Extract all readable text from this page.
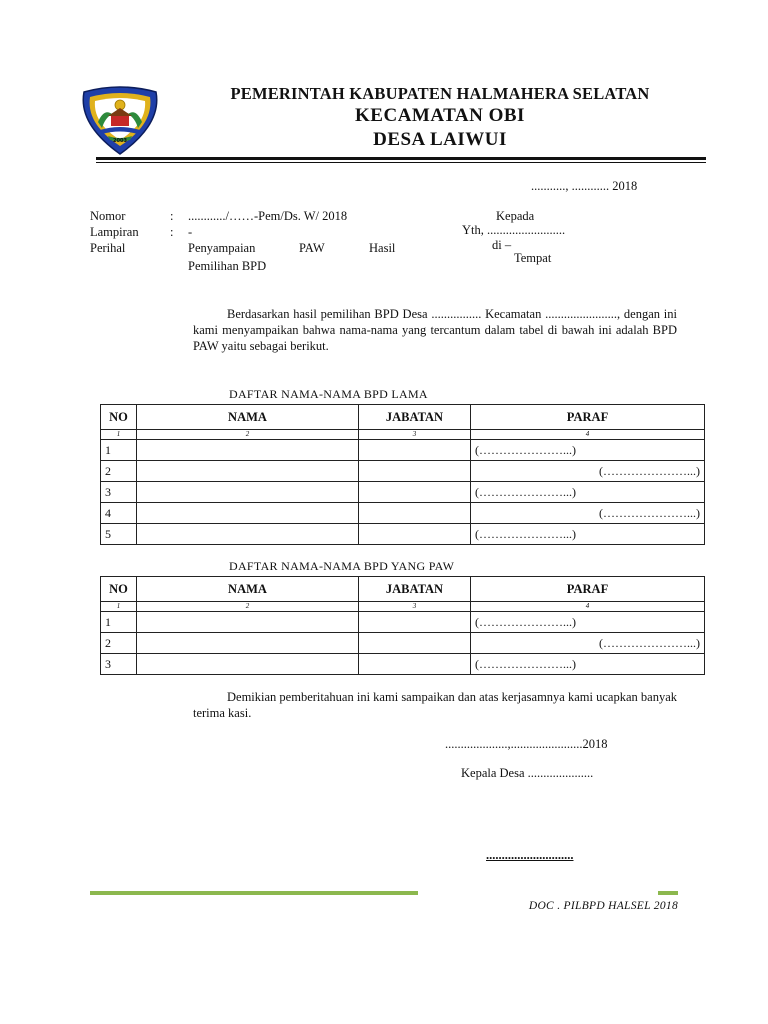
2003
PEMERINTAH KABUPATEN HALMAHERA SELATAN
KECAMATAN OBI
DESA LAIWUI
..........., ............ 2018
Nomor	: ............/……-Pem/Ds. W/ 2018
Lampiran	: -
Perihal	Penyampaian	PAW	Hasil
Pemilihan BPD
Kepada
Yth, .........................
di –
Tempat
Berdasarkan hasil pemilihan BPD Desa ................ Kecamatan ......................., dengan ini kami menyampaikan bahwa nama-nama yang tercantum dalam tabel di bawah ini adalah BPD PAW yaitu sebagai berikut.
DAFTAR NAMA-NAMA BPD LAMA
NO	NAMA	JABATAN	PARAF
1	2	3	4
1			(…………………...)
2			(…………………...)
3			(…………………...)
4			(…………………...)
5			(…………………...)
DAFTAR NAMA-NAMA BPD YANG PAW
NO	NAMA	JABATAN	PARAF
1	2	3	4
1			(…………………...)
2			(…………………...)
3			(…………………...)
Demikian pemberitahuan ini kami sampaikan dan atas kerjasamnya kami ucapkan banyak terima kasi.
....................,.......................2018
Kepala Desa .....................
............................
DOC . PILBPD HALSEL 2018
